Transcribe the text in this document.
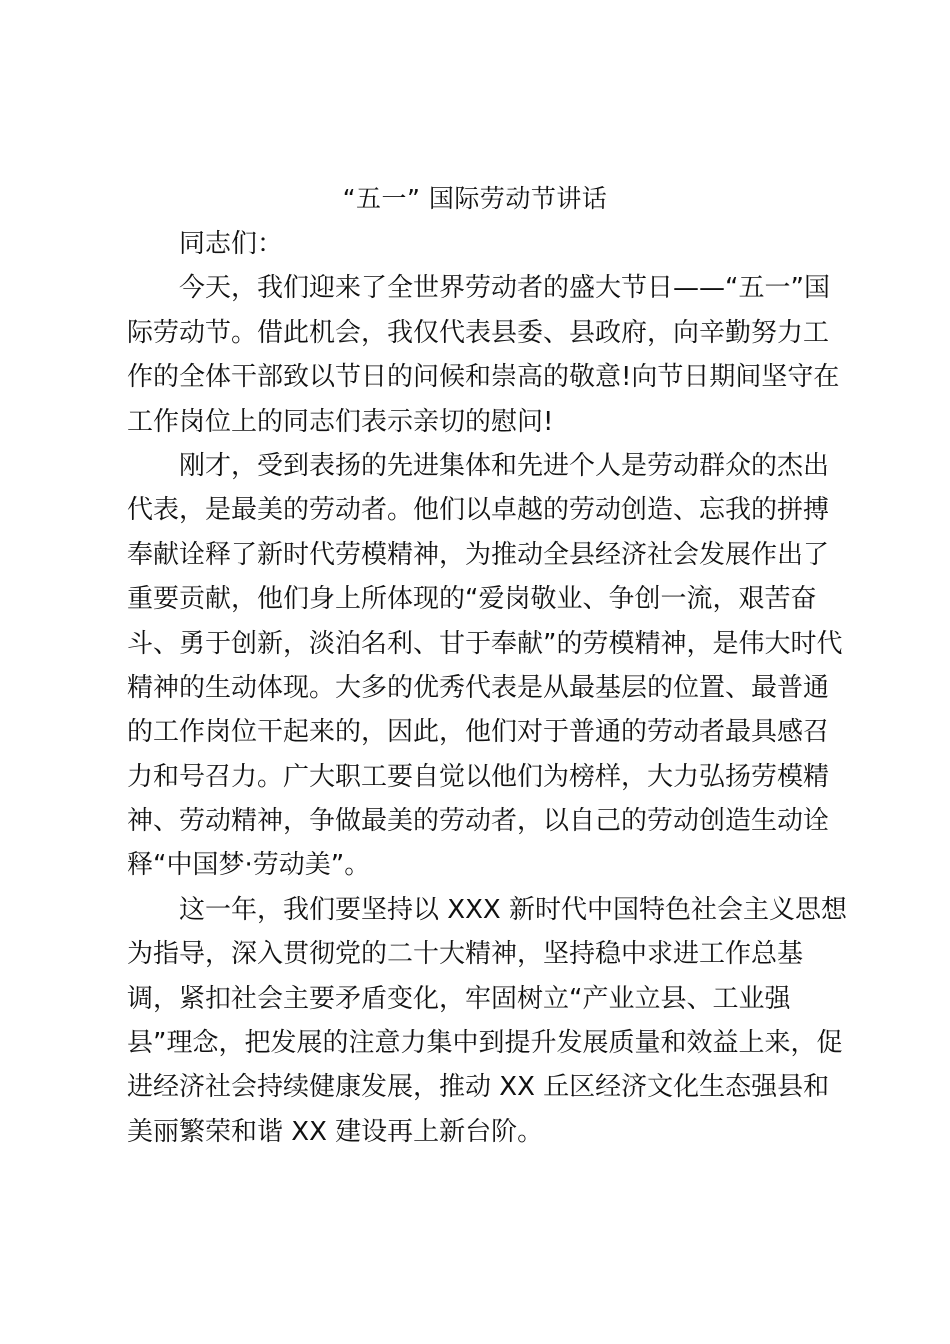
“五一” 国际劳动节讲话
同志们：
今天，我们迎来了全世界劳动者的盛大节日——“五一”国
际劳动节。借此机会，我仅代表县委、县政府，向辛勤努力工
作的全体干部致以节日的问候和崇高的敬意!向节日期间坚守在
工作岗位上的同志们表示亲切的慰问!
刚才，受到表扬的先进集体和先进个人是劳动群众的杰出
代表，是最美的劳动者。他们以卓越的劳动创造、忘我的拼搏
奉献诠释了新时代劳模精神，为推动全县经济社会发展作出了
重要贡献，他们身上所体现的“爱岗敬业、争创一流，艰苦奋
斗、勇于创新，淡泊名利、甘于奉献”的劳模精神，是伟大时代
精神的生动体现。大多的优秀代表是从最基层的位置、最普通
的工作岗位干起来的，因此，他们对于普通的劳动者最具感召
力和号召力。广大职工要自觉以他们为榜样，大力弘扬劳模精
神、劳动精神，争做最美的劳动者，以自己的劳动创造生动诠
释“中国梦·劳动美”。
这一年，我们要坚持以 XXX 新时代中国特色社会主义思想
为指导，深入贯彻党的二十大精神，坚持稳中求进工作总基
调，紧扣社会主要矛盾变化，牢固树立“产业立县、工业强
县”理念，把发展的注意力集中到提升发展质量和效益上来，促
进经济社会持续健康发展，推动 XX 丘区经济文化生态强县和
美丽繁荣和谐 XX 建设再上新台阶。
